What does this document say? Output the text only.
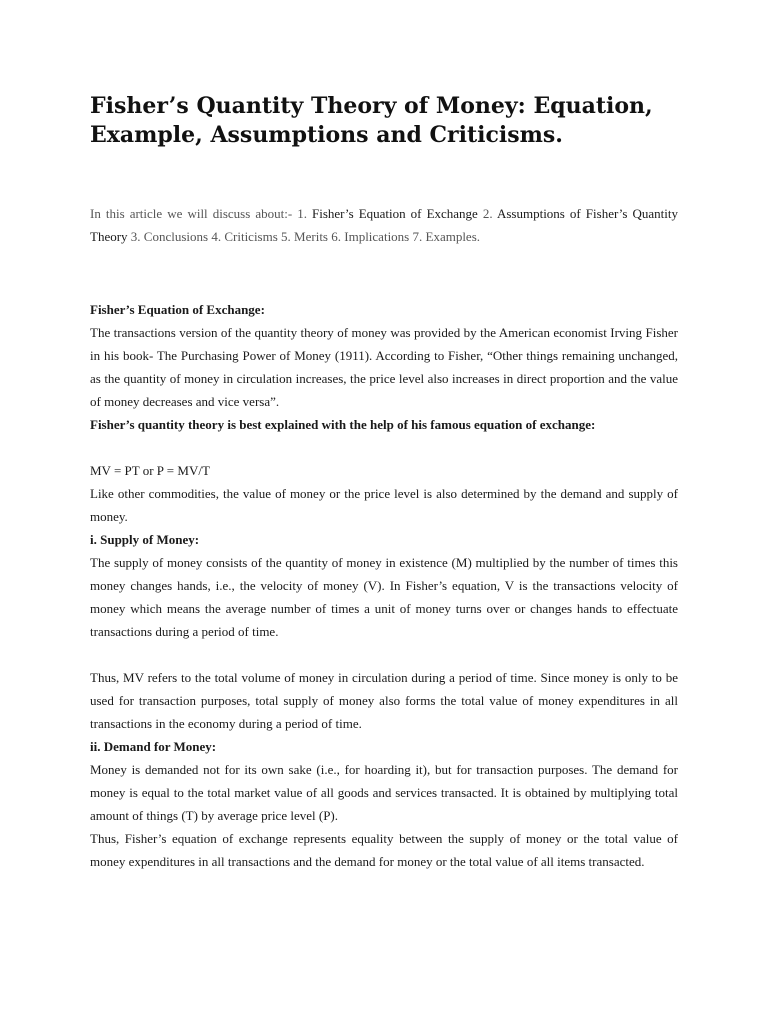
Fisher’s Quantity Theory of Money: Equation, Example, Assumptions and Criticisms.
In this article we will discuss about:- 1. Fisher’s Equation of Exchange 2. Assumptions of Fisher’s Quantity Theory 3. Conclusions 4. Criticisms 5. Merits 6. Implications 7. Examples.

Fisher’s Equation of Exchange:

The transactions version of the quantity theory of money was provided by the American economist Irving Fisher in his book- The Purchasing Power of Money (1911). According to Fisher, “Other things remaining unchanged, as the quantity of money in circulation increases, the price level also increases in direct proportion and the value of money decreases and vice versa”.

Fisher’s quantity theory is best explained with the help of his famous equation of exchange:

MV = PT or P = MV/T

Like other commodities, the value of money or the price level is also determined by the demand and supply of money.

i. Supply of Money:

The supply of money consists of the quantity of money in existence (M) multiplied by the number of times this money changes hands, i.e., the velocity of money (V). In Fisher’s equation, V is the transactions velocity of money which means the average number of times a unit of money turns over or changes hands to effectuate transactions during a period of time.

Thus, MV refers to the total volume of money in circulation during a period of time. Since money is only to be used for transaction purposes, total supply of money also forms the total value of money expenditures in all transactions in the economy during a period of time.

ii. Demand for Money:

Money is demanded not for its own sake (i.e., for hoarding it), but for transaction purposes. The demand for money is equal to the total market value of all goods and services transacted. It is obtained by multiplying total amount of things (T) by average price level (P).

Thus, Fisher’s equation of exchange represents equality between the supply of money or the total value of money expenditures in all transactions and the demand for money or the total value of all items transacted.
